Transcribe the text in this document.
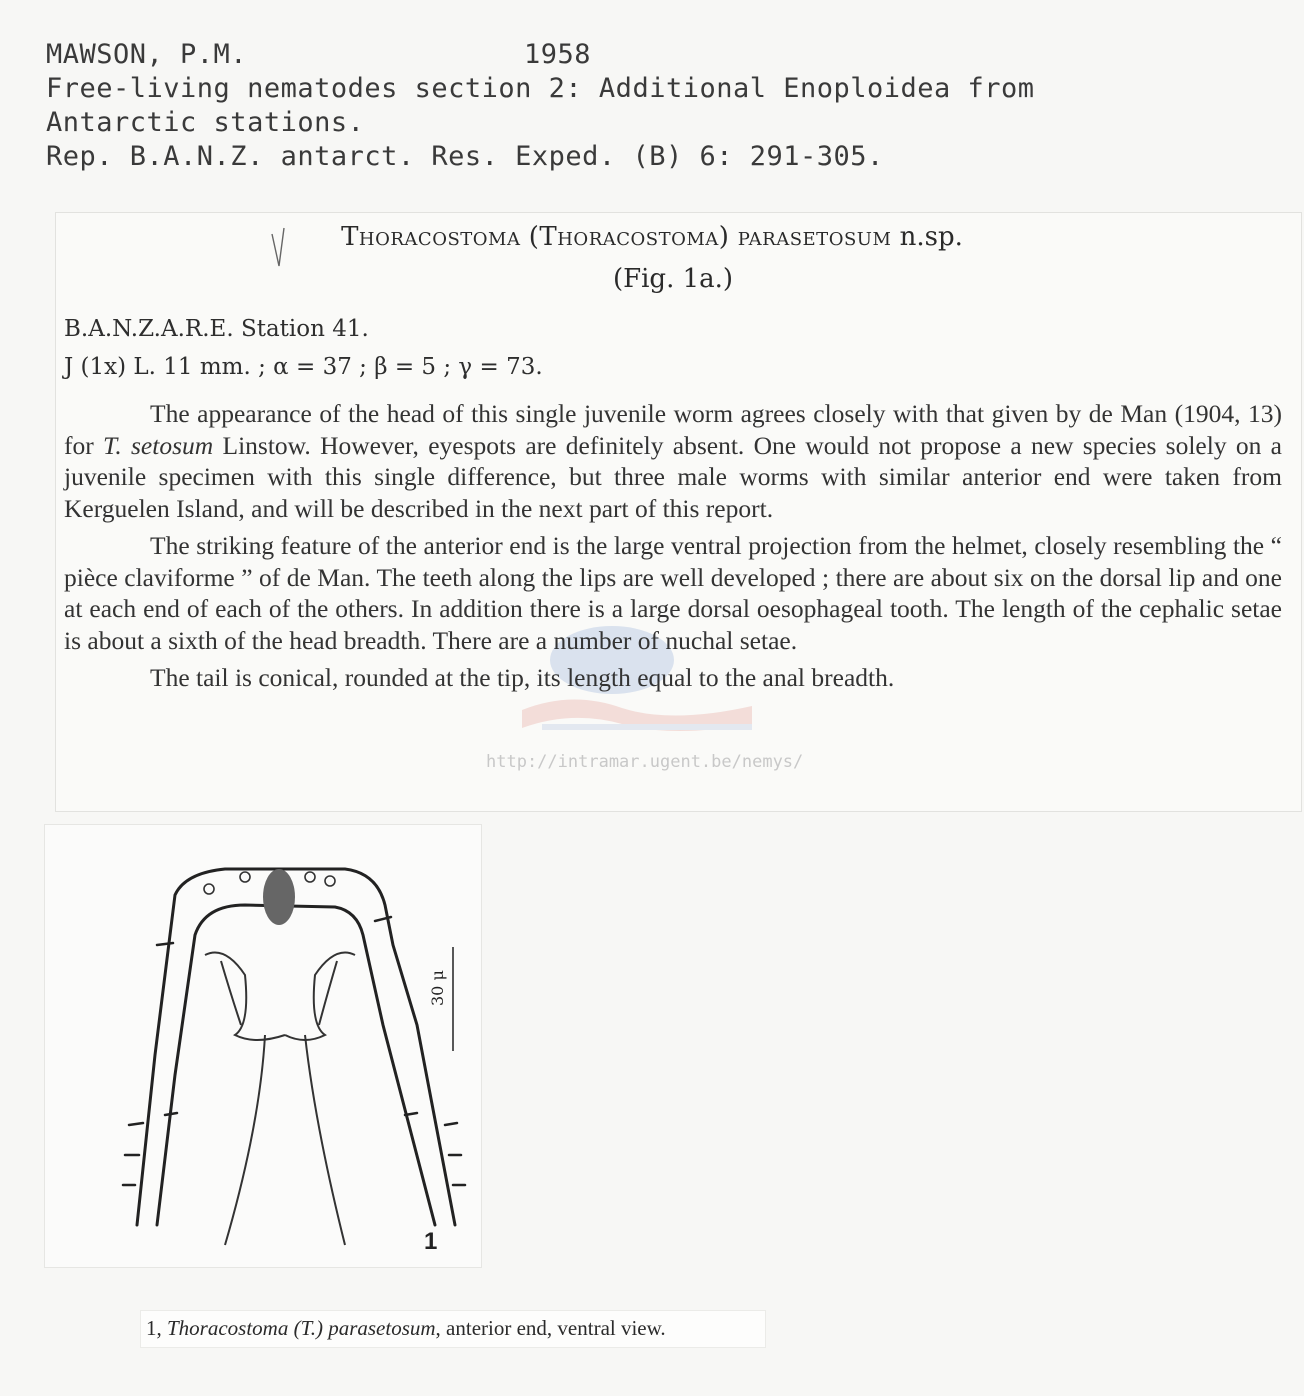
MAWSON, P.M.	1958
Free-living nematodes section 2: Additional Enoploidea from
Antarctic stations.
Rep. B.A.N.Z. antarct. Res. Exped. (B) 6: 291-305.
Thoracostoma (Thoracostoma) parasetosum n.sp.
(Fig. 1a.)
B.A.N.Z.A.R.E. Station 41.
J (1x) L. 11 mm. ; α = 37 ; β = 5 ; γ = 73.

The appearance of the head of this single juvenile worm agrees closely with that given by de Man (1904, 13) for T. setosum Linstow. However, eyespots are definitely absent. One would not propose a new species solely on a juvenile specimen with this single difference, but three male worms with similar anterior end were taken from Kerguelen Island, and will be described in the next part of this report.

The striking feature of the anterior end is the large ventral projection from the helmet, closely resembling the “ pièce claviforme ” of de Man. The teeth along the lips are well developed ; there are about six on the dorsal lip and one at each end of each of the others. In addition there is a large dorsal oesophageal tooth. The length of the cephalic setae is about a sixth of the head breadth. There are a number of nuchal setae.

The tail is conical, rounded at the tip, its length equal to the anal breadth.

http://intramar.ugent.be/nemys/
30 μ
1
1, Thoracostoma (T.) parasetosum, anterior end, ventral view.
